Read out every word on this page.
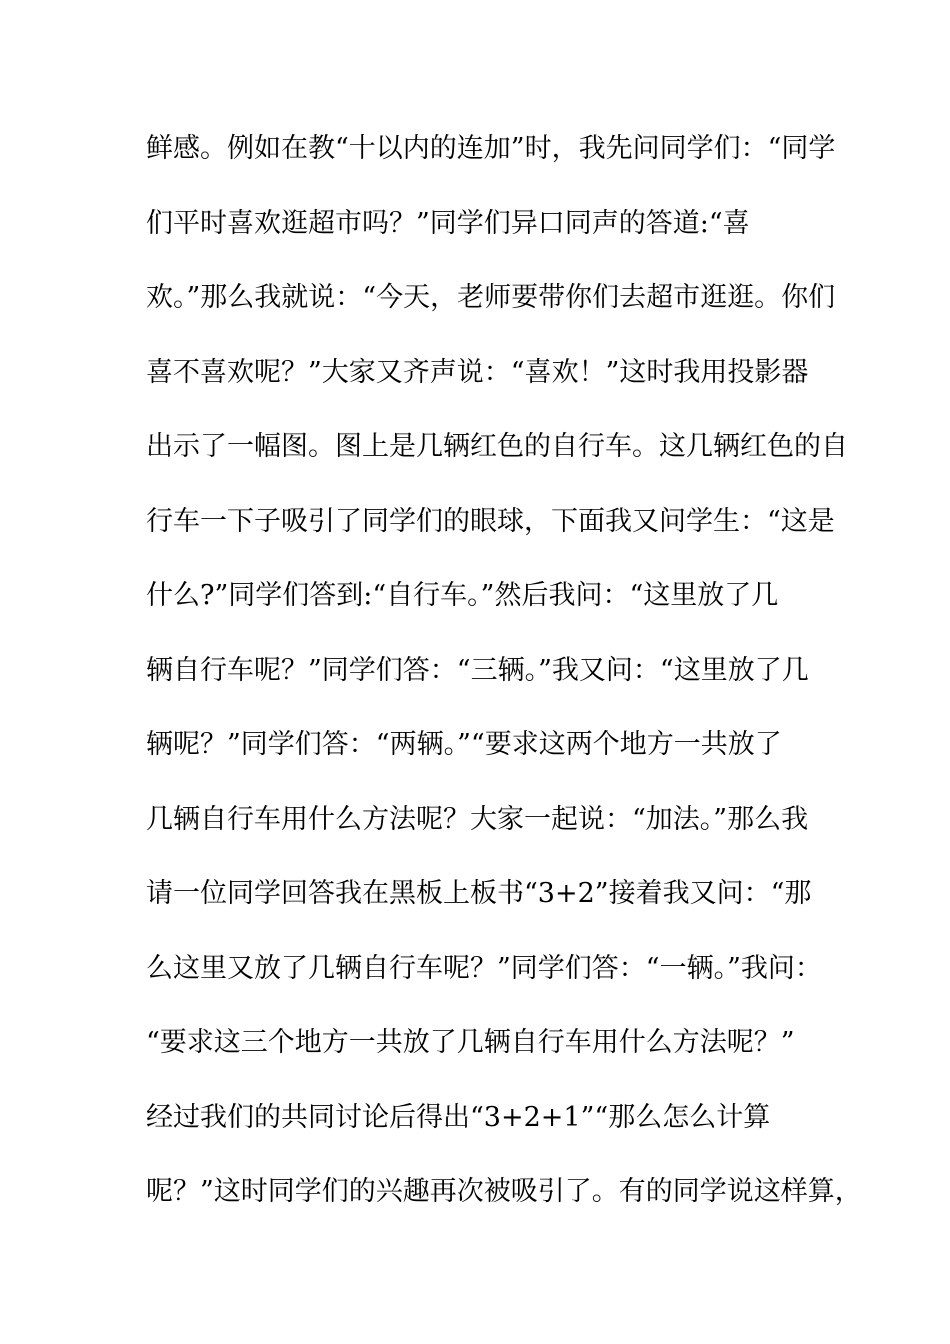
鲜感。例如在教“十以内的连加”时，我先问同学们：“同学
们平时喜欢逛超市吗？”同学们异口同声的答道:“喜
欢。”那么我就说：“今天，老师要带你们去超市逛逛。你们
喜不喜欢呢？”大家又齐声说：“喜欢！”这时我用投影器
出示了一幅图。图上是几辆红色的自行车。这几辆红色的自
行车一下子吸引了同学们的眼球，下面我又问学生：“这是
什么?”同学们答到:“自行车。”然后我问：“这里放了几
辆自行车呢？”同学们答：“三辆。”我又问：“这里放了几
辆呢？”同学们答：“两辆。”“要求这两个地方一共放了
几辆自行车用什么方法呢？大家一起说：“加法。”那么我
请一位同学回答我在黑板上板书“3+2”接着我又问：“那
么这里又放了几辆自行车呢？”同学们答：“一辆。”我问：
“要求这三个地方一共放了几辆自行车用什么方法呢？”
经过我们的共同讨论后得出“3+2+1”“那么怎么计算
呢？”这时同学们的兴趣再次被吸引了。有的同学说这样算，
